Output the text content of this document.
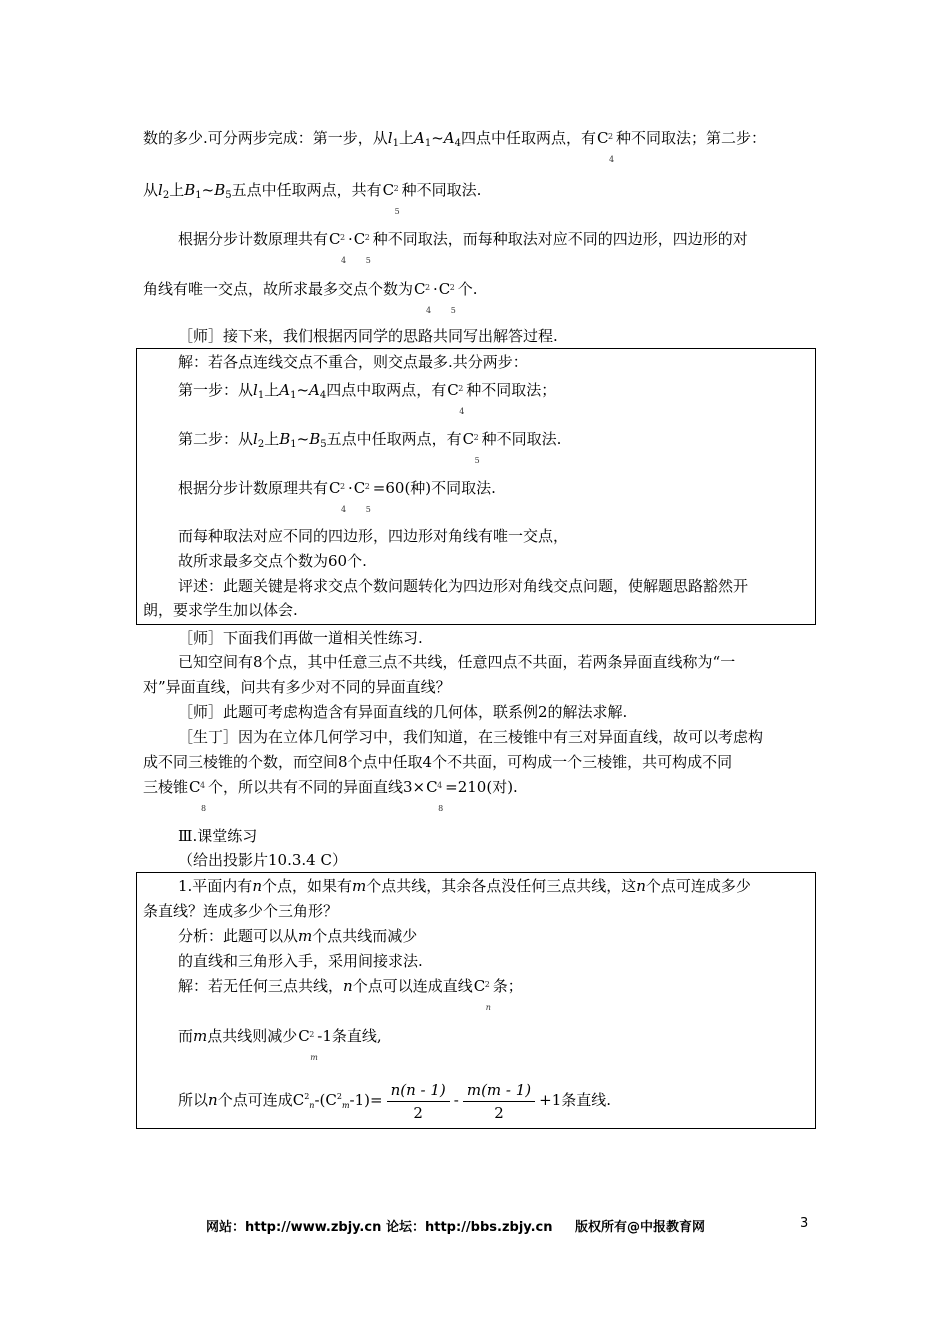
数的多少.可分两步完成：第一步，从$l_1$上$A_1\sim A_4$四点中任取两点，有 C 2
4
种不同取法；第二步：
从$l_2$上$B_1\sim B_5$五点中任取两点，共有 C 2
5
种不同取法.
根据分步计数原理共有 C 2
4
· C 2
5
种不同取法，而每种取法对应不同的四边形，四边形的对
角线有唯一交点，故所求最多交点个数为 C 2
4
· C 2
5
个.
［师］接下来，我们根据丙同学的思路共同写出解答过程.
解：若各点连线交点不重合，则交点最多.共分两步：
第一步：从$l_1$上$A_1\sim A_4$四点中取两点，有 C 2
4
种不同取法；
第二步：从$l_2$上$B_1\sim B_5$五点中任取两点，有 C 2
5
种不同取法.
根据分步计数原理共有 C 2
4
· C 2
5
=60(种)不同取法.
而每种取法对应不同的四边形，四边形对角线有唯一交点，
故所求最多交点个数为60个.
评述：此题关键是将求交点个数问题转化为四边形对角线交点问题，使解题思路豁然开
朗，要求学生加以体会.
［师］下面我们再做一道相关性练习.
已知空间有8个点，其中任意三点不共线，任意四点不共面，若两条异面直线称为“一
对”异面直线，问共有多少对不同的异面直线？
［师］此题可考虑构造含有异面直线的几何体，联系例2的解法求解.
［生丁］因为在立体几何学习中，我们知道，在三棱锥中有三对异面直线，故可以考虑构
成不同三棱锥的个数，而空间8个点中任取4个不共面，可构成一个三棱锥，共可构成不同
三棱锥 C 4
8
个，所以共有不同的异面直线3× C 4
8
=210(对).
Ⅲ.课堂练习
（给出投影片10.3.4 C）
1.平面内有n个点，如果有m个点共线，其余各点没任何三点共线，这n个点可连成多少
条直线？连成多少个三角形？
分析：此题可以从m个点共线而减少
的直线和三角形入手，采用间接求法.
解：若无任何三点共线，n个点可以连成直线 C 2
n
条；
而m点共线则减少 C 2
m
-1条直线,
所以n个点可连成$C^2_n-(C^2_m-1)= \frac{n(n - 1)}{2} - \frac{m(m - 1)}{2} +1$条直线.
网站：http://www.zbjy.cn 论坛：http://bbs.zbjy.cn 版权所有@中报教育网	3
